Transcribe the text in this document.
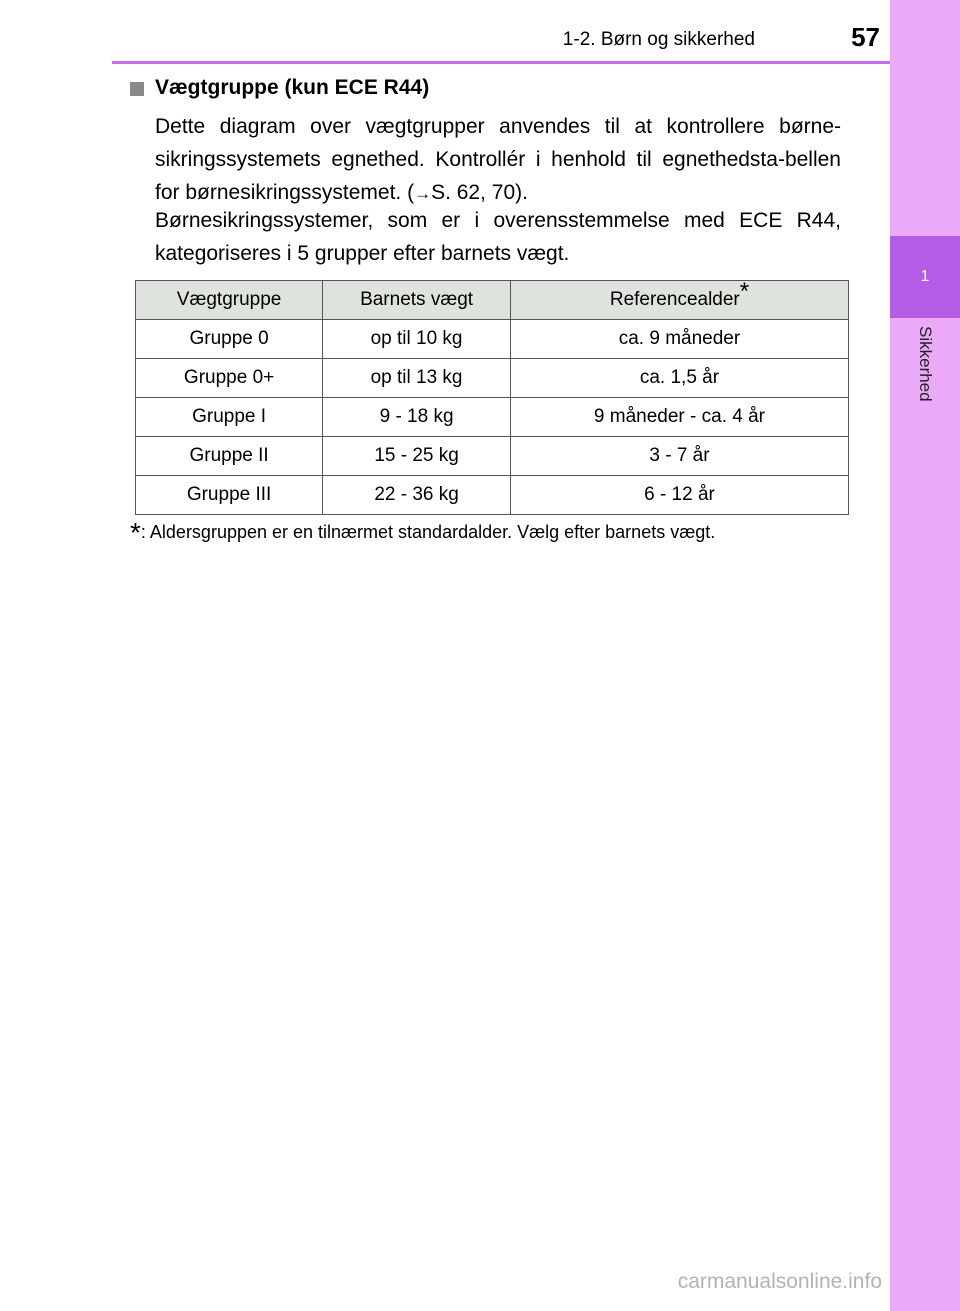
1-2. Børn og sikkerhed	57
1
Sikkerhed
Vægtgruppe (kun ECE R44)
Dette diagram over vægtgrupper anvendes til at kontrollere børne-sikringssystemets egnethed. Kontrollér i henhold til egnethedsta-bellen for børnesikringssystemet. (→S. 62, 70).
Børnesikringssystemer, som er i overensstemmelse med ECE R44, kategoriseres i 5 grupper efter barnets vægt.
Vægtgruppe	Barnets vægt	Referencealder*
Gruppe 0	op til 10 kg	ca. 9 måneder
Gruppe 0+	op til 13 kg	ca. 1,5 år
Gruppe I	9 - 18 kg	9 måneder - ca. 4 år
Gruppe II	15 - 25 kg	3 - 7 år
Gruppe III	22 - 36 kg	6 - 12 år
*: Aldersgruppen er en tilnærmet standardalder. Vælg efter barnets vægt.
carmanualsonline.info
